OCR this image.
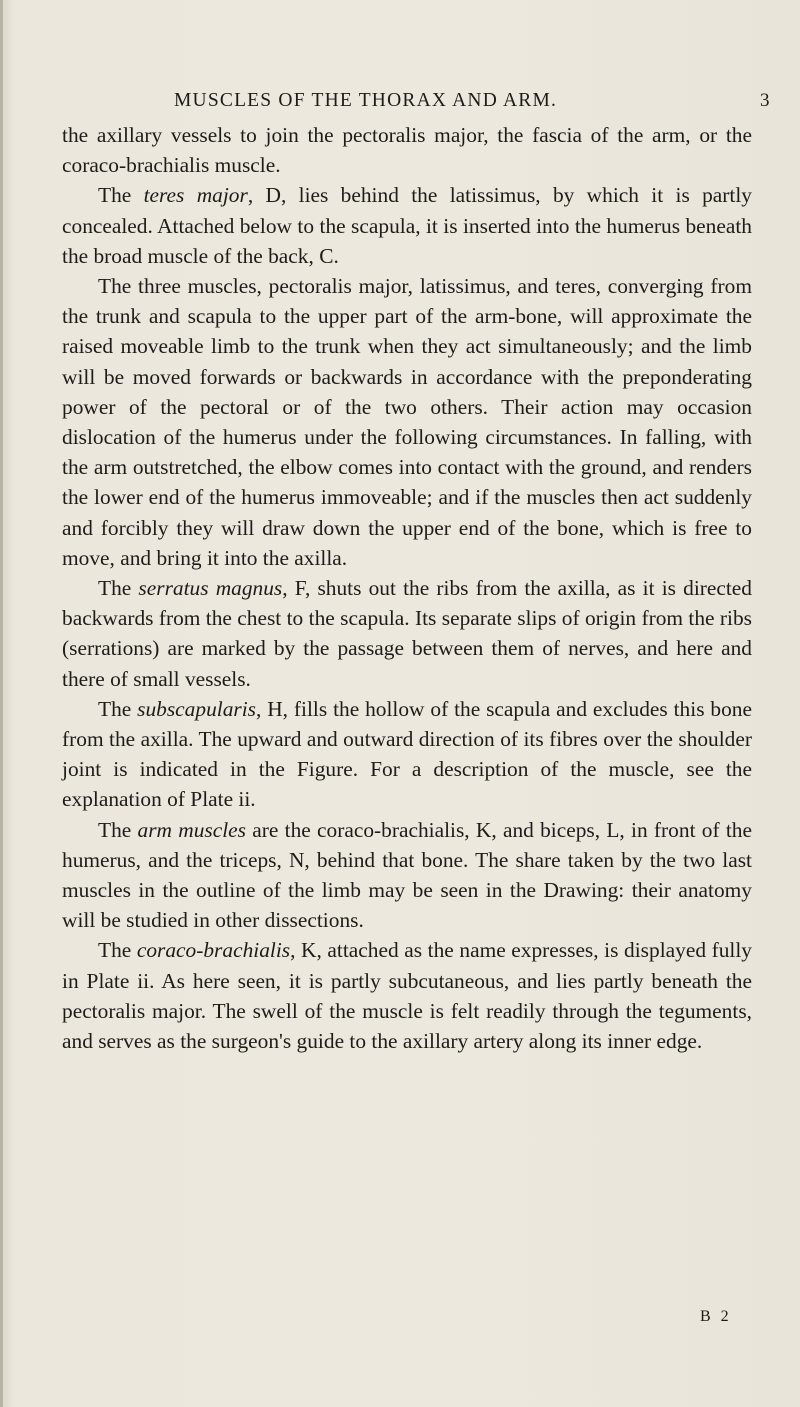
MUSCLES OF THE THORAX AND ARM.	3

the axillary vessels to join the pectoralis major, the fascia of the arm, or the coraco-brachialis muscle.

The teres major, D, lies behind the latissimus, by which it is partly concealed. Attached below to the scapula, it is inserted into the humerus beneath the broad muscle of the back, C.

The three muscles, pectoralis major, latissimus, and teres, converging from the trunk and scapula to the upper part of the arm-bone, will approximate the raised moveable limb to the trunk when they act simultaneously; and the limb will be moved forwards or backwards in accordance with the preponderating power of the pectoral or of the two others. Their action may occasion dislocation of the humerus under the following circumstances. In falling, with the arm outstretched, the elbow comes into contact with the ground, and renders the lower end of the humerus immoveable; and if the muscles then act suddenly and forcibly they will draw down the upper end of the bone, which is free to move, and bring it into the axilla.

The serratus magnus, F, shuts out the ribs from the axilla, as it is directed backwards from the chest to the scapula. Its separate slips of origin from the ribs (serrations) are marked by the passage between them of nerves, and here and there of small vessels.

The subscapularis, H, fills the hollow of the scapula and excludes this bone from the axilla. The upward and outward direction of its fibres over the shoulder joint is indicated in the Figure. For a description of the muscle, see the explanation of Plate ii.

The arm muscles are the coraco-brachialis, K, and biceps, L, in front of the humerus, and the triceps, N, behind that bone. The share taken by the two last muscles in the outline of the limb may be seen in the Drawing: their anatomy will be studied in other dissections.

The coraco-brachialis, K, attached as the name expresses, is displayed fully in Plate ii. As here seen, it is partly subcutaneous, and lies partly beneath the pectoralis major. The swell of the muscle is felt readily through the teguments, and serves as the surgeon's guide to the axillary artery along its inner edge.

B 2
